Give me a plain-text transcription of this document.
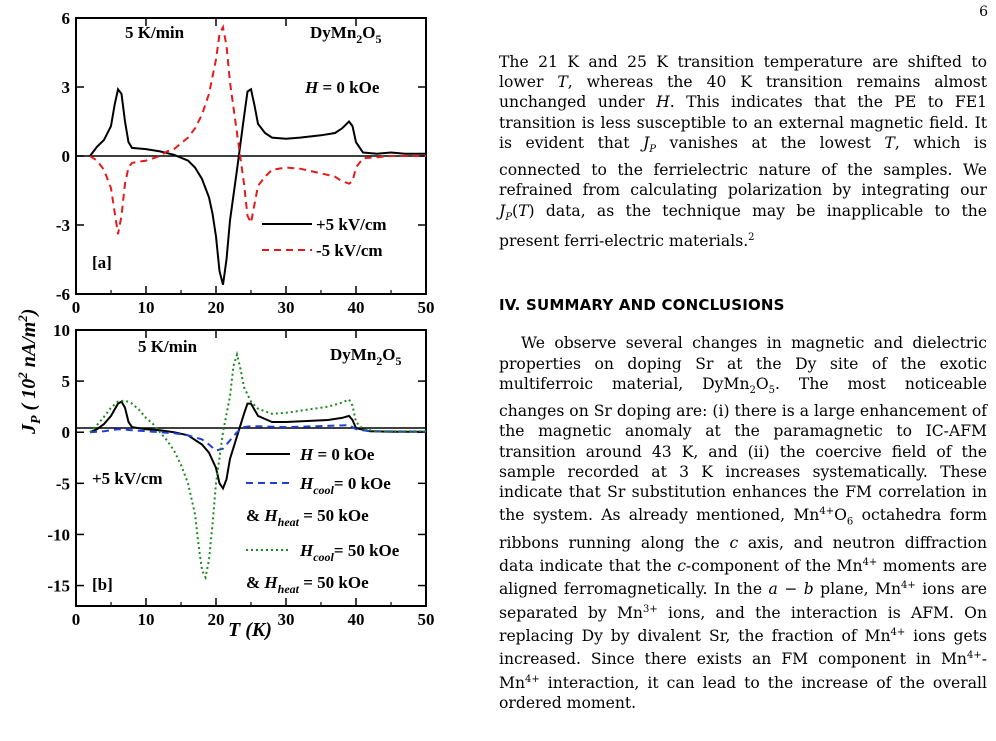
6
6
3
0
-3
-6
0	10	20	30	40	50
5 K/min	$DyMn_2O_5$
H = 0 kOe
[a]
+5 kV/cm
-5 kV/cm
10
5
0
-5
-10
-15
0	10	20	30	40	50
5 K/min	$DyMn_2O_5$
+5 kV/cm
[b]
H = 0 kOe
$H_{cool}= 0$ kOe
& $H_{heat} = 50$ kOe
$H_{cool}= 50$ kOe
& $H_{heat} = 50$ kOe
$J_P$ ( $10^2$ $nA/m^2$)
T (K)

The 21 K and 25 K transition temperature are shifted to lower T, whereas the 40 K transition remains almost unchanged under H. This indicates that the PE to FE1 transition is less susceptible to an external magnetic field. It is evident that $J_P$ vanishes at the lowest T, which is connected to the ferrielectric nature of the samples. We refrained from calculating polarization by integrating our $J_P(T)$ data, as the technique may be inapplicable to the present ferri-electric materials.$^2$

IV. SUMMARY AND CONCLUSIONS

We observe several changes in magnetic and dielectric properties on doping Sr at the Dy site of the exotic multiferroic material, $DyMn_2O_5$. The most noticeable changes on Sr doping are: (i) there is a large enhancement of the magnetic anomaly at the paramagnetic to IC-AFM transition around 43 K, and (ii) the coercive field of the sample recorded at 3 K increases systematically. These indicate that Sr substitution enhances the FM correlation in the system. As already mentioned, $Mn^{4+}O_6$ octahedra form ribbons running along the c axis, and neutron diffraction data indicate that the c-component of the $Mn^{4+}$ moments are aligned ferromagnetically. In the a − b plane, $Mn^{4+}$ ions are separated by $Mn^{3+}$ ions, and the interaction is AFM. On replacing Dy by divalent Sr, the fraction of $Mn^{4+}$ ions gets increased. Since there exists an FM component in $Mn^{4+}-Mn^{4+}$ interaction, it can lead to the increase of the overall ordered moment.
